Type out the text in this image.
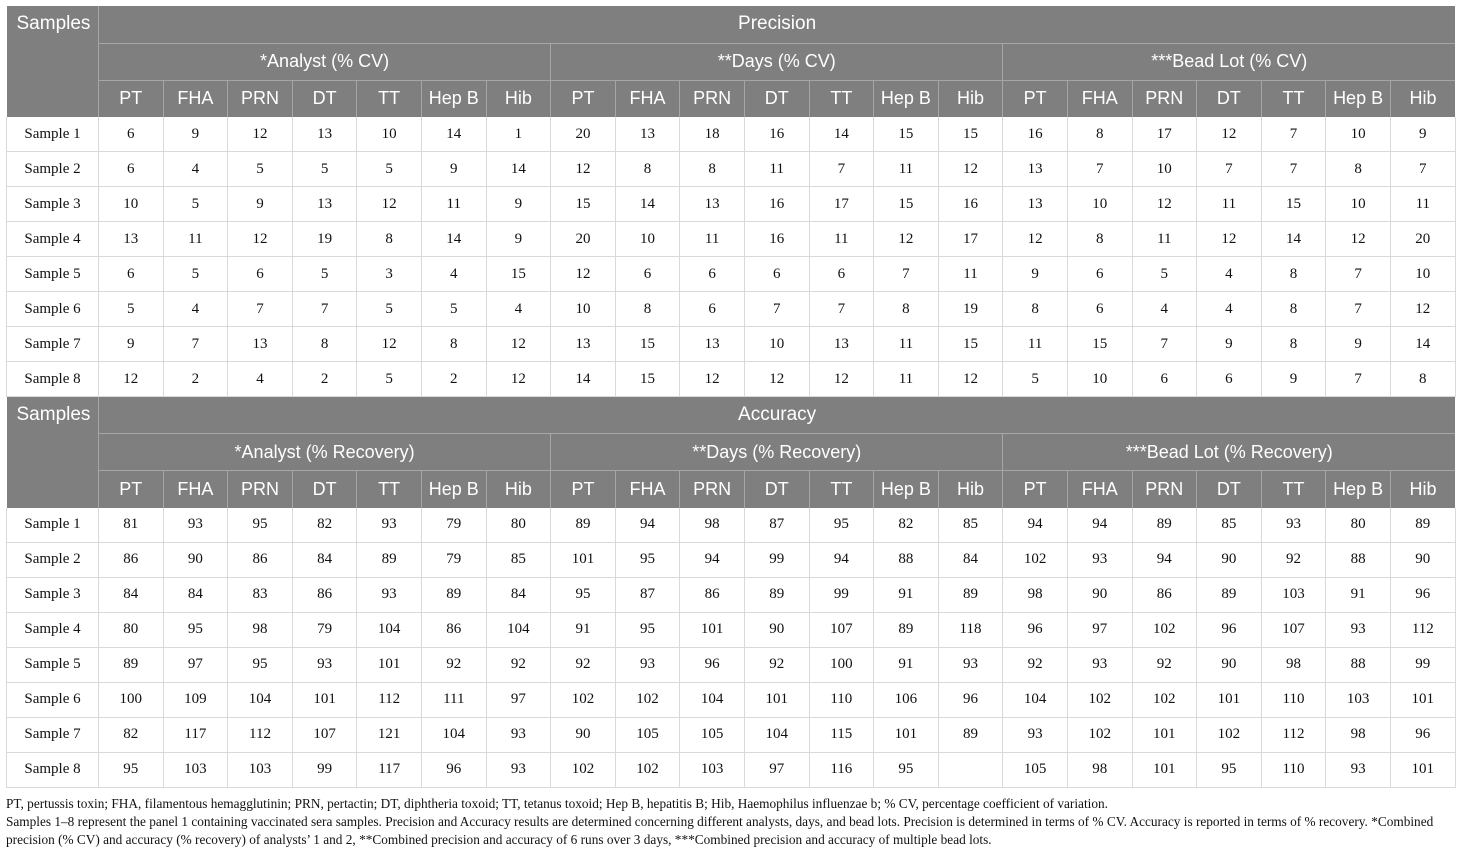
Samples	Precision																				
	*Analyst (% CV)							**Days (% CV)							***Bead Lot (% CV)						
	PT	FHA	PRN	DT	TT	Hep B	Hib	PT	FHA	PRN	DT	TT	Hep B	Hib	PT	FHA	PRN	DT	TT	Hep B	Hib
Sample 1	6	9	12	13	10	14	1	20	13	18	16	14	15	15	16	8	17	12	7	10	9
Sample 2	6	4	5	5	5	9	14	12	8	8	11	7	11	12	13	7	10	7	7	8	7
Sample 3	10	5	9	13	12	11	9	15	14	13	16	17	15	16	13	10	12	11	15	10	11
Sample 4	13	11	12	19	8	14	9	20	10	11	16	11	12	17	12	8	11	12	14	12	20
Sample 5	6	5	6	5	3	4	15	12	6	6	6	6	7	11	9	6	5	4	8	7	10
Sample 6	5	4	7	7	5	5	4	10	8	6	7	7	8	19	8	6	4	4	8	7	12
Sample 7	9	7	13	8	12	8	12	13	15	13	10	13	11	15	11	15	7	9	8	9	14
Sample 8	12	2	4	2	5	2	12	14	15	12	12	12	11	12	5	10	6	6	9	7	8
Samples	Accuracy																				
	*Analyst (% Recovery)							**Days (% Recovery)							***Bead Lot (% Recovery)						
	PT	FHA	PRN	DT	TT	Hep B	Hib	PT	FHA	PRN	DT	TT	Hep B	Hib	PT	FHA	PRN	DT	TT	Hep B	Hib
Sample 1	81	93	95	82	93	79	80	89	94	98	87	95	82	85	94	94	89	85	93	80	89
Sample 2	86	90	86	84	89	79	85	101	95	94	99	94	88	84	102	93	94	90	92	88	90
Sample 3	84	84	83	86	93	89	84	95	87	86	89	99	91	89	98	90	86	89	103	91	96
Sample 4	80	95	98	79	104	86	104	91	95	101	90	107	89	118	96	97	102	96	107	93	112
Sample 5	89	97	95	93	101	92	92	92	93	96	92	100	91	93	92	93	92	90	98	88	99
Sample 6	100	109	104	101	112	111	97	102	102	104	101	110	106	96	104	102	102	101	110	103	101
Sample 7	82	117	112	107	121	104	93	90	105	105	104	115	101	89	93	102	101	102	112	98	96
Sample 8	95	103	103	99	117	96	93	102	102	103	97	116	95		105	98	101	95	110	93	101

PT, pertussis toxin; FHA, filamentous hemagglutinin; PRN, pertactin; DT, diphtheria toxoid; TT, tetanus toxoid; Hep B, hepatitis B; Hib, Haemophilus influenzae b; % CV, percentage coefficient of variation.

Samples 1–8 represent the panel 1 containing vaccinated sera samples. Precision and Accuracy results are determined concerning different analysts, days, and bead lots. Precision is determined in terms of % CV. Accuracy is reported in terms of % recovery. *Combined precision (% CV) and accuracy (% recovery) of analysts’ 1 and 2, **Combined precision and accuracy of 6 runs over 3 days, ***Combined precision and accuracy of multiple bead lots.
